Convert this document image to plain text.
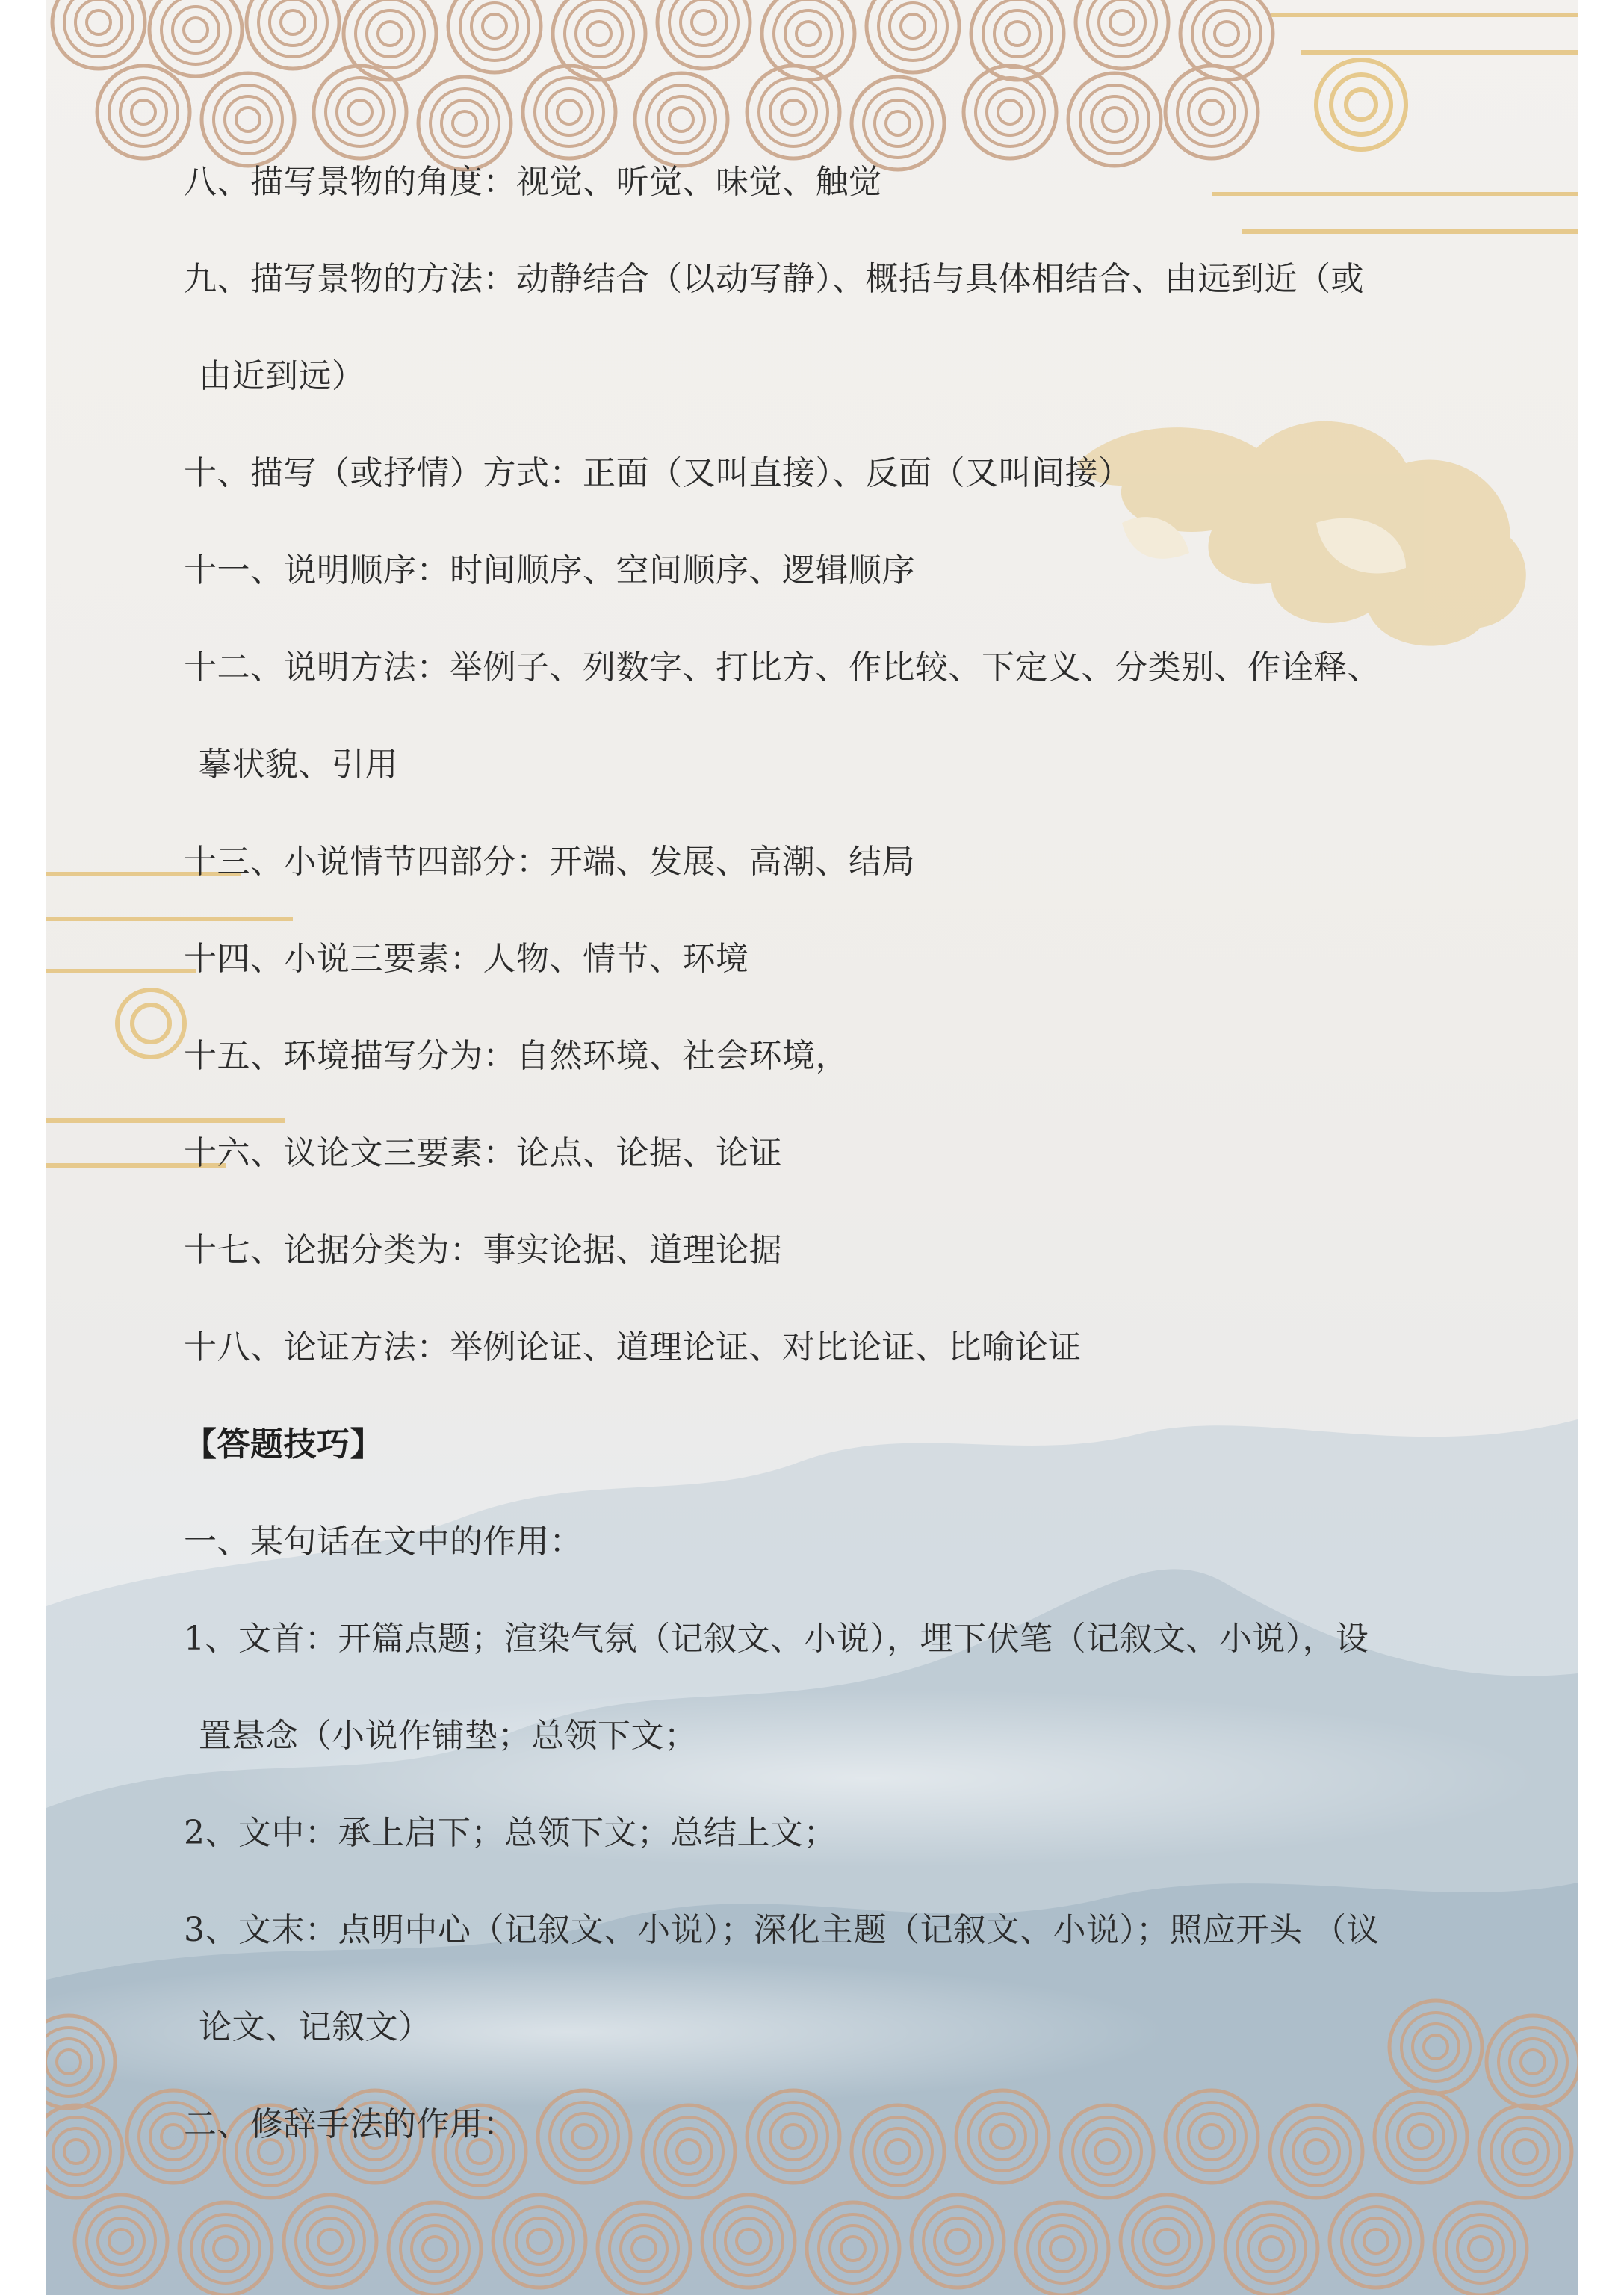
八、描写景物的角度：视觉、听觉、味觉、触觉

九、描写景物的方法：动静结合（以动写静）、概括与具体相结合、由远到近（或

由近到远）

十、描写（或抒情）方式：正面（又叫直接）、反面（又叫间接）

十一、说明顺序：时间顺序、空间顺序、逻辑顺序

十二、说明方法：举例子、列数字、打比方、作比较、下定义、分类别、作诠释、

摹状貌、引用

十三、小说情节四部分：开端、发展、高潮、结局

十四、小说三要素：人物、情节、环境

十五、环境描写分为：自然环境、社会环境，

十六、议论文三要素：论点、论据、论证

十七、论据分类为：事实论据、道理论据

十八、论证方法：举例论证、道理论证、对比论证、比喻论证

【答题技巧】

一、某句话在文中的作用：

1、文首：开篇点题；渲染气氛（记叙文、小说），埋下伏笔（记叙文、小说），设

置悬念（小说作铺垫；总领下文；

2、文中：承上启下；总领下文；总结上文；

3、文末：点明中心（记叙文、小说）；深化主题（记叙文、小说）；照应开头 （议

论文、记叙文）

二、修辞手法的作用：
